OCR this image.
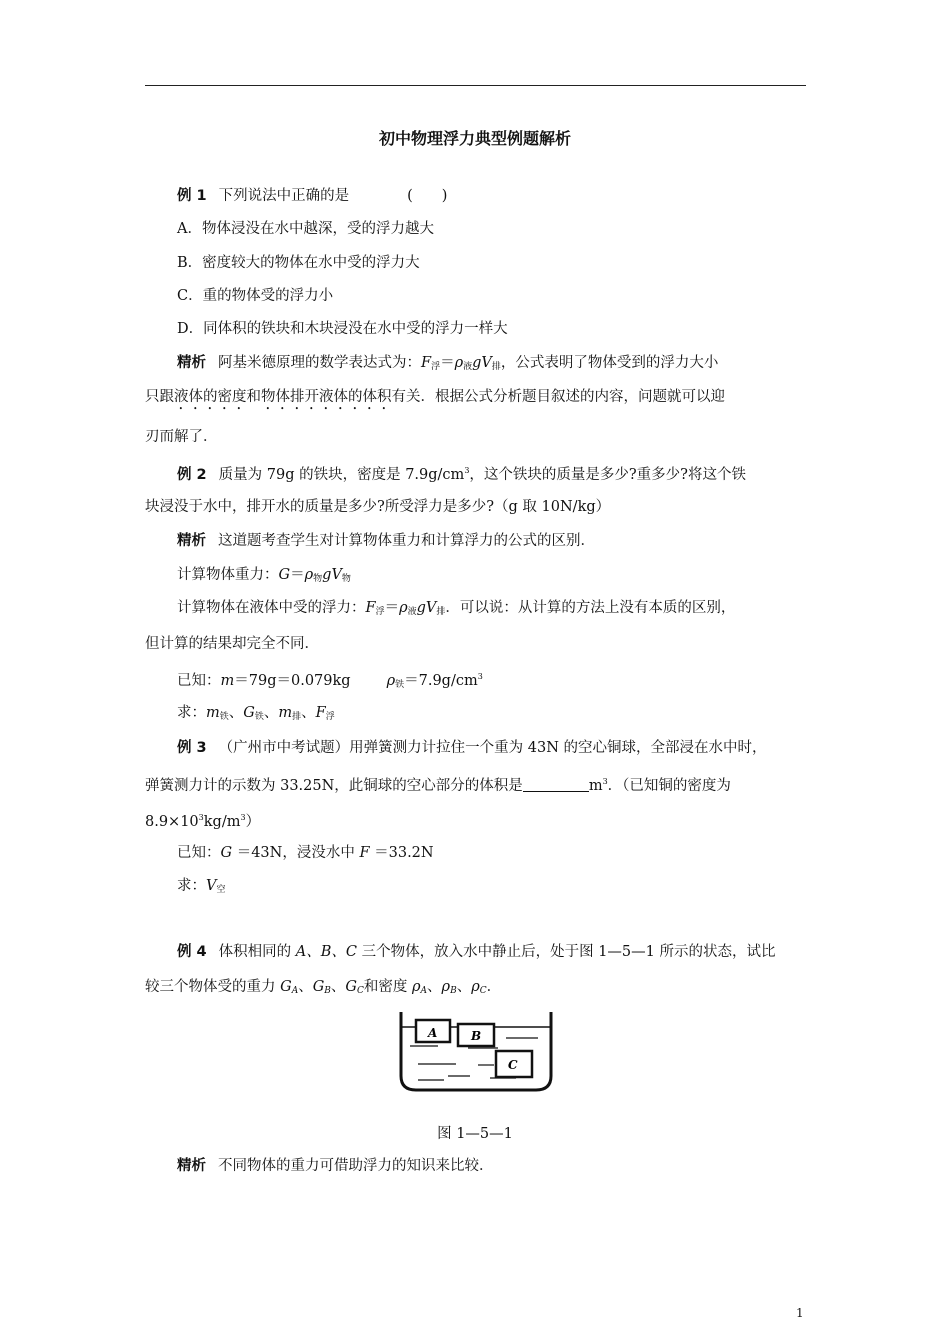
初中物理浮力典型例题解析
例 1 下列说法中正确的是	(　　)
A．物体浸没在水中越深，受的浮力越大
B．密度较大的物体在水中受的浮力大
C．重的物体受的浮力小
D．同体积的铁块和木块浸没在水中受的浮力一样大
精析 阿基米德原理的数学表达式为：$F_浮=\rho_液gV_排$，公式表明了物体受到的浮力大小
只跟液体的密度和物体排开液体的体积有关．根据公式分析题目叙述的内容，问题就可以迎
刃而解了．
例 2 质量为 79g 的铁块，密度是 $7.9g/cm^3$，这个铁块的质量是多少?重多少?将这个铁
块浸没于水中，排开水的质量是多少?所受浮力是多少?（g 取 10N/kg）
精析 这道题考查学生对计算物体重力和计算浮力的公式的区别．
计算物体重力：$G=\rho_物gV_物$
计算物体在液体中受的浮力：$F_浮=\rho_液gV_排$．可以说：从计算的方法上没有本质的区别，
但计算的结果却完全不同．
已知：m＝79g＝0.079kg $\rho_铁=7.9g/cm^3$
求：$m_铁$、$G_铁$、$m_排$、$F_浮$
例 3 （广州市中考试题）用弹簧测力计拉住一个重为 43N 的空心铜球，全部浸在水中时，
弹簧测力计的示数为 33.25N，此铜球的空心部分的体积是	$m^3$．（已知铜的密度为
$8.9\times 10^3kg/m^3$）
已知：G ＝43N，浸没水中 F ＝33.2N
求：$V_空$
例 4 体积相同的 A、B、C 三个物体，放入水中静止后，处于图 1—5—1 所示的状态，试比
较三个物体受的重力 $G_A$、$G_B$、$G_C$和密度 $\rho_A$、$\rho_B$、$\rho_C$．
A	B
C
图 1—5—1
精析 不同物体的重力可借助浮力的知识来比较．
1
